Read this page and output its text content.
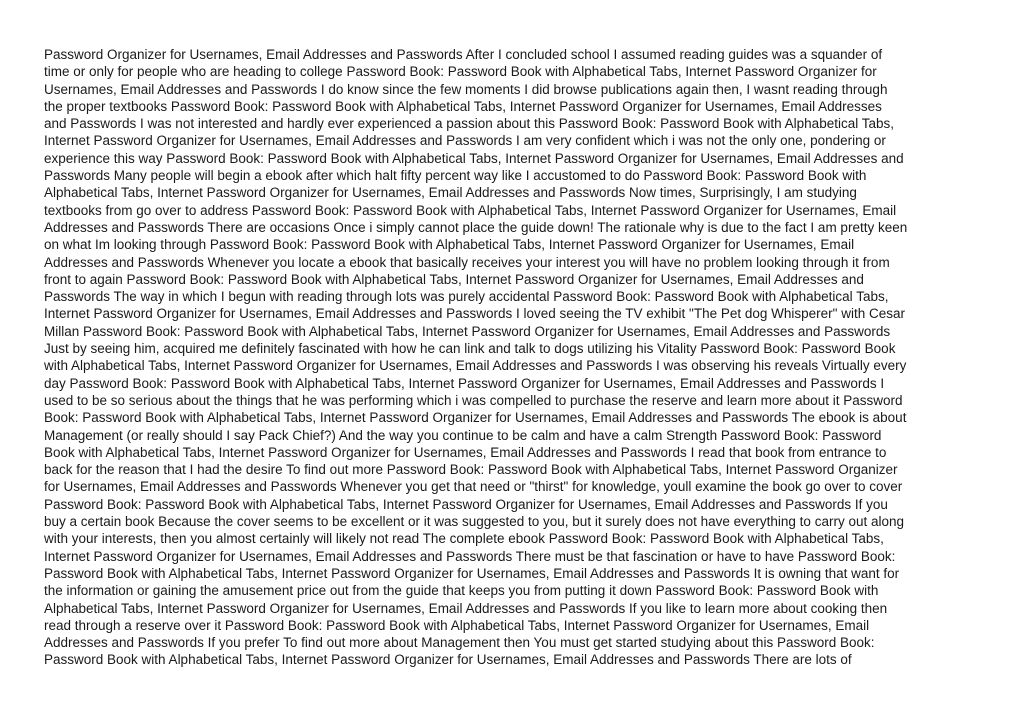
Password Organizer for Usernames, Email Addresses and Passwords After I concluded school I assumed reading guides was a squander of
time or only for people who are heading to college Password Book: Password Book with Alphabetical Tabs, Internet Password Organizer for
Usernames, Email Addresses and Passwords I do know since the few moments I did browse publications again then, I wasnt reading through
the proper textbooks Password Book: Password Book with Alphabetical Tabs, Internet Password Organizer for Usernames, Email Addresses
and Passwords I was not interested and hardly ever experienced a passion about this Password Book: Password Book with Alphabetical Tabs,
Internet Password Organizer for Usernames, Email Addresses and Passwords I am very confident which i was not the only one, pondering or
experience this way Password Book: Password Book with Alphabetical Tabs, Internet Password Organizer for Usernames, Email Addresses and
Passwords Many people will begin a ebook after which halt fifty percent way like I accustomed to do Password Book: Password Book with
Alphabetical Tabs, Internet Password Organizer for Usernames, Email Addresses and Passwords Now times, Surprisingly, I am studying
textbooks from go over to address Password Book: Password Book with Alphabetical Tabs, Internet Password Organizer for Usernames, Email
Addresses and Passwords There are occasions Once i simply cannot place the guide down! The rationale why is due to the fact I am pretty keen
on what Im looking through Password Book: Password Book with Alphabetical Tabs, Internet Password Organizer for Usernames, Email
Addresses and Passwords Whenever you locate a ebook that basically receives your interest you will have no problem looking through it from
front to again Password Book: Password Book with Alphabetical Tabs, Internet Password Organizer for Usernames, Email Addresses and
Passwords The way in which I begun with reading through lots was purely accidental Password Book: Password Book with Alphabetical Tabs,
Internet Password Organizer for Usernames, Email Addresses and Passwords I loved seeing the TV exhibit "The Pet dog Whisperer" with Cesar
Millan Password Book: Password Book with Alphabetical Tabs, Internet Password Organizer for Usernames, Email Addresses and Passwords
Just by seeing him, acquired me definitely fascinated with how he can link and talk to dogs utilizing his Vitality Password Book: Password Book
with Alphabetical Tabs, Internet Password Organizer for Usernames, Email Addresses and Passwords I was observing his reveals Virtually every
day Password Book: Password Book with Alphabetical Tabs, Internet Password Organizer for Usernames, Email Addresses and Passwords I
used to be so serious about the things that he was performing which i was compelled to purchase the reserve and learn more about it Password
Book: Password Book with Alphabetical Tabs, Internet Password Organizer for Usernames, Email Addresses and Passwords The ebook is about
Management (or really should I say Pack Chief?) And the way you continue to be calm and have a calm Strength Password Book: Password
Book with Alphabetical Tabs, Internet Password Organizer for Usernames, Email Addresses and Passwords I read that book from entrance to
back for the reason that I had the desire To find out more Password Book: Password Book with Alphabetical Tabs, Internet Password Organizer
for Usernames, Email Addresses and Passwords Whenever you get that need or "thirst" for knowledge, youll examine the book go over to cover
Password Book: Password Book with Alphabetical Tabs, Internet Password Organizer for Usernames, Email Addresses and Passwords If you
buy a certain book Because the cover seems to be excellent or it was suggested to you, but it surely does not have everything to carry out along
with your interests, then you almost certainly will likely not read The complete ebook Password Book: Password Book with Alphabetical Tabs,
Internet Password Organizer for Usernames, Email Addresses and Passwords There must be that fascination or have to have Password Book:
Password Book with Alphabetical Tabs, Internet Password Organizer for Usernames, Email Addresses and Passwords It is owning that want for
the information or gaining the amusement price out from the guide that keeps you from putting it down Password Book: Password Book with
Alphabetical Tabs, Internet Password Organizer for Usernames, Email Addresses and Passwords If you like to learn more about cooking then
read through a reserve over it Password Book: Password Book with Alphabetical Tabs, Internet Password Organizer for Usernames, Email
Addresses and Passwords If you prefer To find out more about Management then You must get started studying about this Password Book:
Password Book with Alphabetical Tabs, Internet Password Organizer for Usernames, Email Addresses and Passwords There are lots of
